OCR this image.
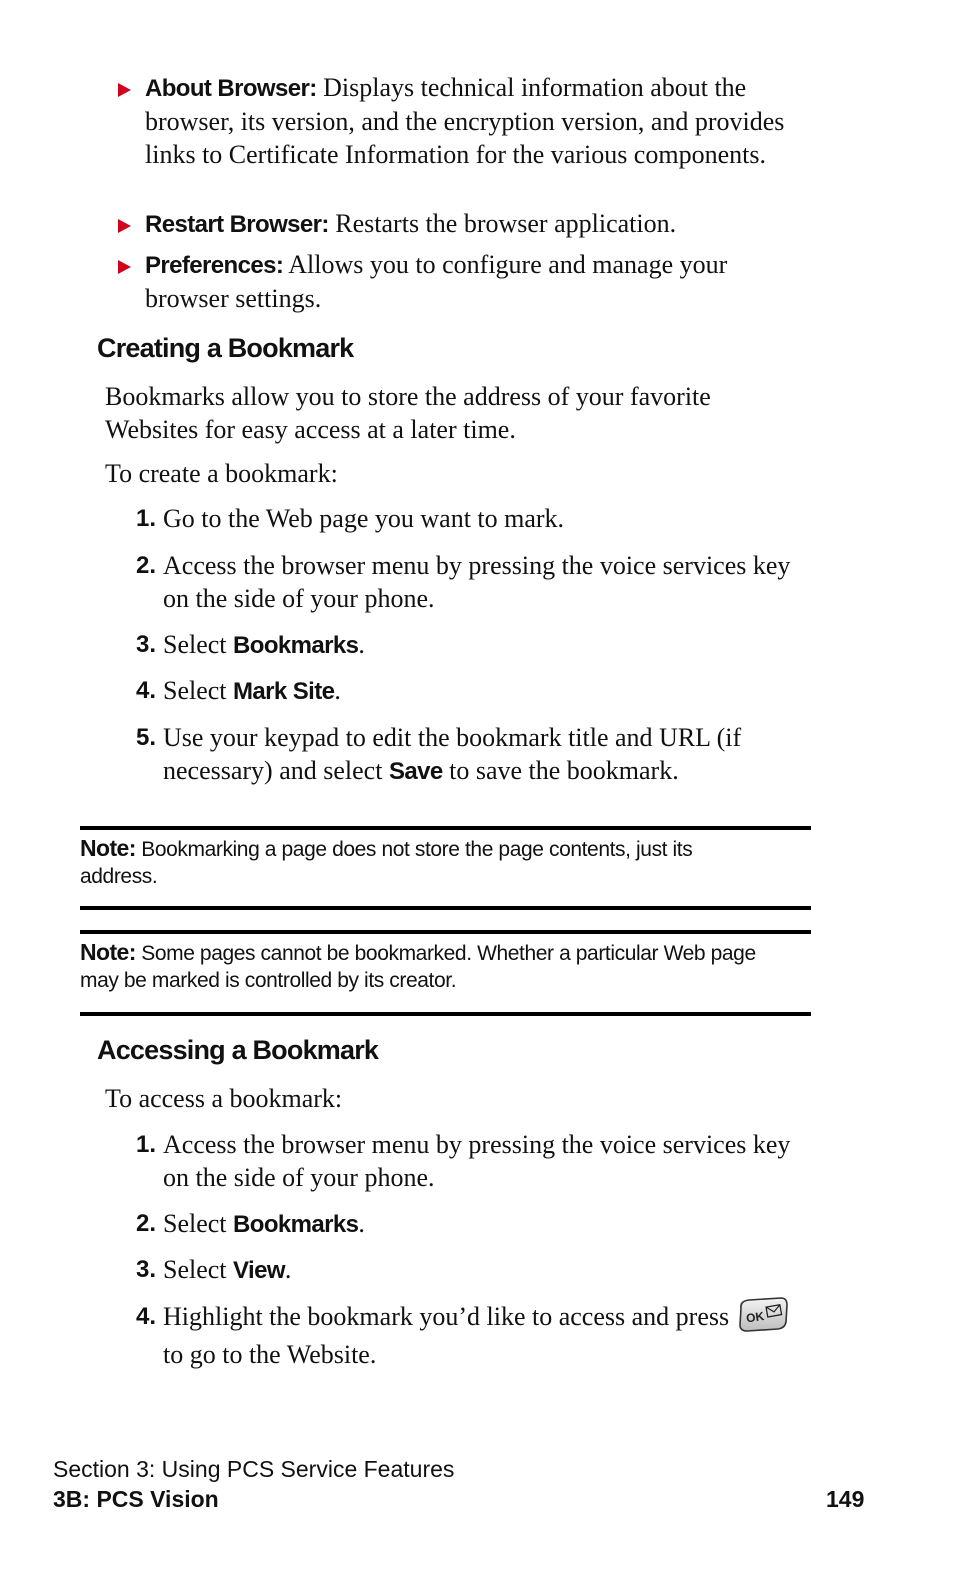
About Browser: Displays technical information about the browser, its version, and the encryption version, and provides links to Certificate Information for the various components.
Restart Browser: Restarts the browser application.
Preferences: Allows you to configure and manage your browser settings.
Creating a Bookmark
Bookmarks allow you to store the address of your favorite Websites for easy access at a later time.
To create a bookmark:
1. Go to the Web page you want to mark.
2. Access the browser menu by pressing the voice services key on the side of your phone.
3. Select Bookmarks.
4. Select Mark Site.
5. Use your keypad to edit the bookmark title and URL (if necessary) and select Save to save the bookmark.
Note: Bookmarking a page does not store the page contents, just its address.
Note: Some pages cannot be bookmarked. Whether a particular Web page may be marked is controlled by its creator.
Accessing a Bookmark
To access a bookmark:
1. Access the browser menu by pressing the voice services key on the side of your phone.
2. Select Bookmarks.
3. Select View.
4. Highlight the bookmark you’d like to access and press OK

to go to the Website.
Section 3: Using PCS Service Features
3B: PCS Vision	149
